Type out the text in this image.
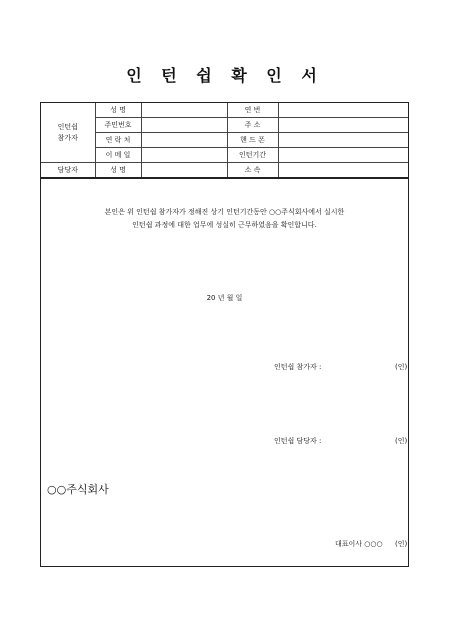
인 턴 쉽 확 인 서
인턴쉽
참가자	성 명		연 번	
	주민번호		주 소	
	연 락 처		핸 드 폰	
	이 메 일		인턴기간	
담당자	성 명		소 속	
본인은 위 인턴쉽 참가자가 정해진 상기 인턴기간동안 ○○주식회사에서 실시한
인턴쉽 과정에 대한 업무에 성실히 근무하였음을 확인합니다.
20 년 월 일
인턴쉽 참가자 :	(인)
인턴쉽 담당자 :	(인)
○○주식회사
대표이사 ○○○ (인)
